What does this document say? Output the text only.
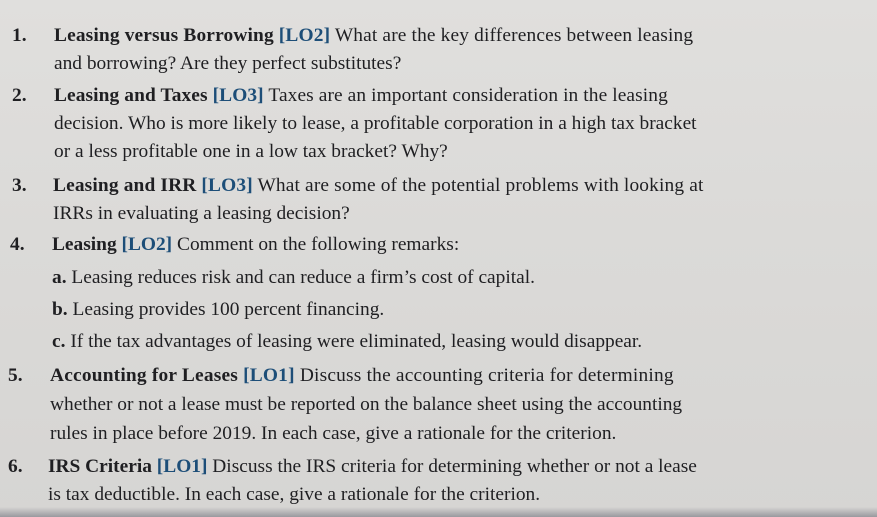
1. Leasing versus Borrowing [LO2] What are the key differences between leasing
and borrowing? Are they perfect substitutes?
2. Leasing and Taxes [LO3] Taxes are an important consideration in the leasing
decision. Who is more likely to lease, a profitable corporation in a high tax bracket
or a less profitable one in a low tax bracket? Why?
3. Leasing and IRR [LO3] What are some of the potential problems with looking at
IRRs in evaluating a leasing decision?
4. Leasing [LO2] Comment on the following remarks:
a. Leasing reduces risk and can reduce a firm’s cost of capital.
b. Leasing provides 100 percent financing.
c. If the tax advantages of leasing were eliminated, leasing would disappear.
5. Accounting for Leases [LO1] Discuss the accounting criteria for determining
whether or not a lease must be reported on the balance sheet using the accounting
rules in place before 2019. In each case, give a rationale for the criterion.
6. IRS Criteria [LO1] Discuss the IRS criteria for determining whether or not a lease
is tax deductible. In each case, give a rationale for the criterion.
